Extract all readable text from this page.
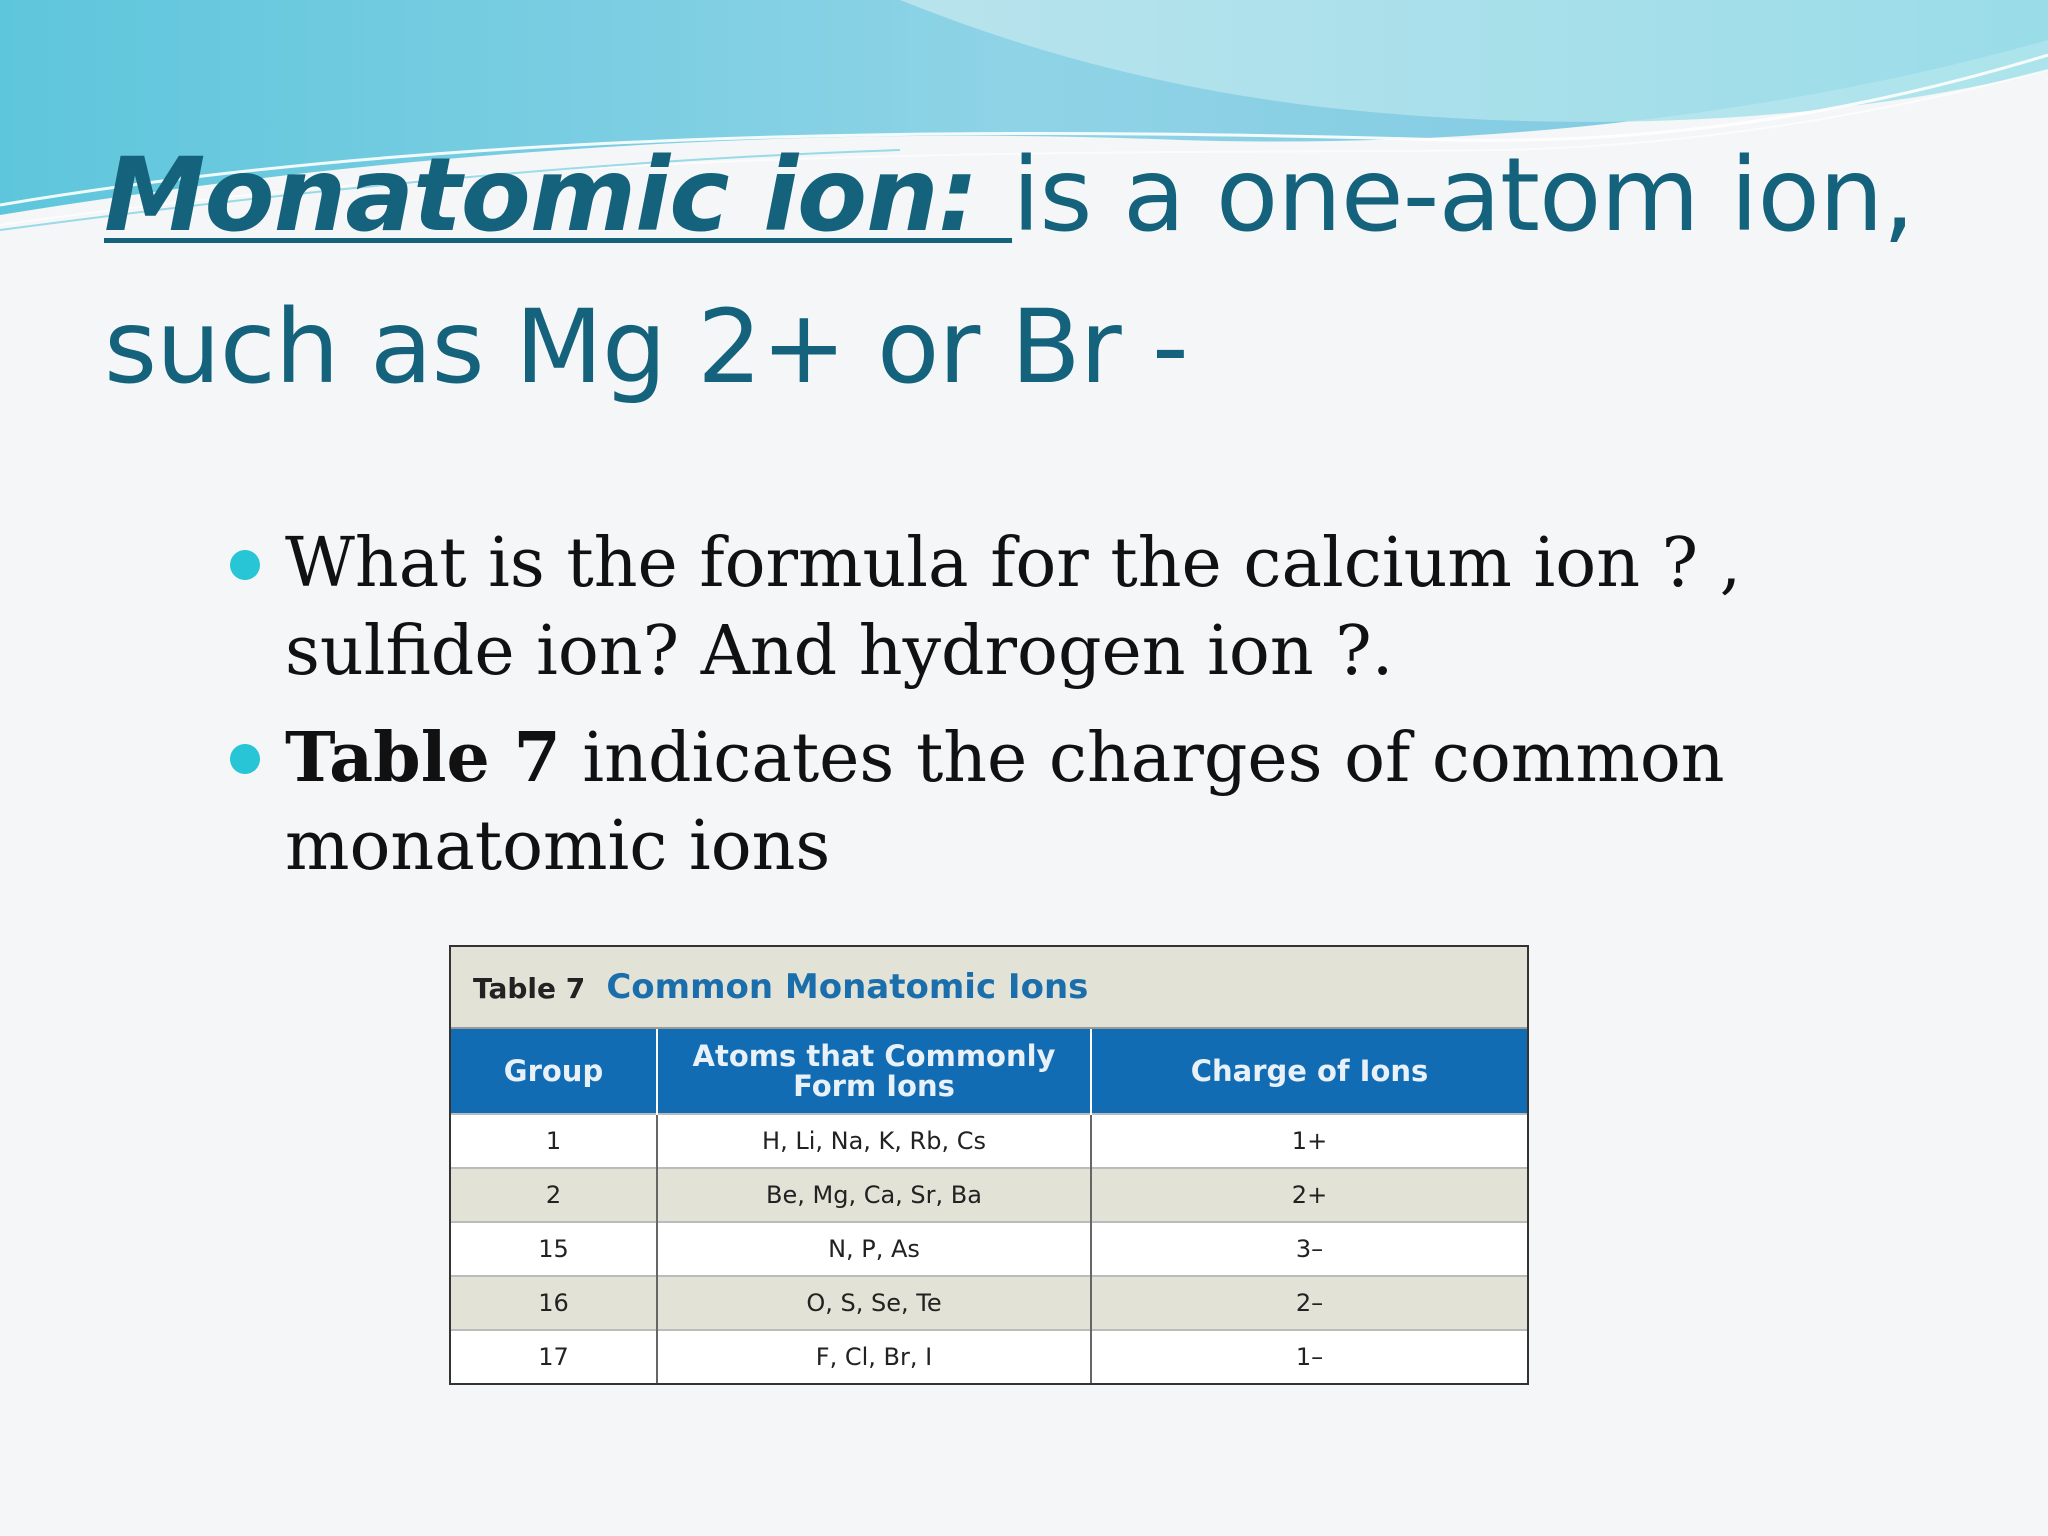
Monatomic ion: is a one-atom ion,
such as Mg 2+ or Br -
What is the formula for the calcium ion ? , sulfide ion? And hydrogen ion ?.
Table 7 indicates the charges of common monatomic ions
Table 7 Common Monatomic Ions
Group	Atoms that Commonly Form Ions	Charge of Ions
1	H, Li, Na, K, Rb, Cs	1+
2	Be, Mg, Ca, Sr, Ba	2+
15	N, P, As	3–
16	O, S, Se, Te	2–
17	F, Cl, Br, I	1–
